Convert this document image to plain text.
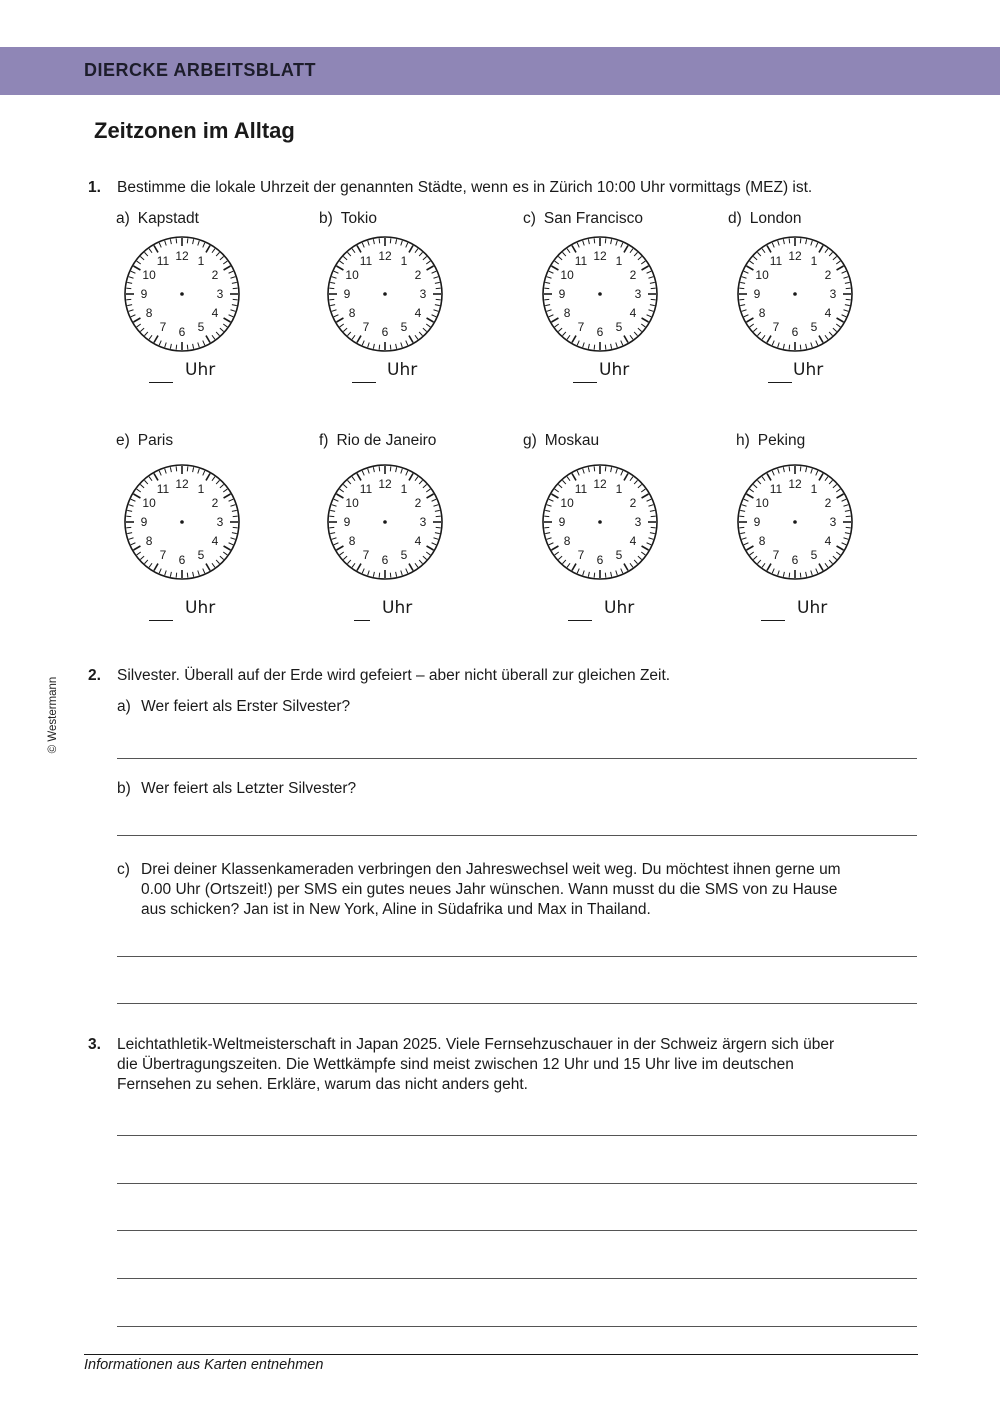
DIERCKE ARBEITSBLATT
Zeitzonen im Alltag
© Westermann
1. Bestimme die lokale Uhrzeit der genannten Städte, wenn es in Zürich 10:00 Uhr vormittags (MEZ) ist.
a) Kapstadt
1
2
3
4
5
6
7
8
9
10
11 12
Uhr
b) Tokio
1
2
3
4
5
6
7
8
9
10
11 12
Uhr
c) San Francisco
1
2
3
4
5
6
7
8
9
10
11 12
Uhr
d) London
1
2
3
4
5
6
7
8
9
10
11 12
Uhr
e) Paris
1
2
3
4
5
6
7
8
9
10
11 12
Uhr
f) Rio de Janeiro
1
2
3
4
5
6
7
8
9
10
11 12
Uhr
g) Moskau
1
2
3
4
5
6
7
8
9
10
11 12
Uhr
h) Peking
1
2
3
4
5
6
7
8
9
10
11 12
Uhr
2. Silvester. Überall auf der Erde wird gefeiert – aber nicht überall zur gleichen Zeit.
a) Wer feiert als Erster Silvester?
b) Wer feiert als Letzter Silvester?
c) Drei deiner Klassenkameraden verbringen den Jahreswechsel weit weg. Du möchtest ihnen gerne um
0.00 Uhr (Ortszeit!) per SMS ein gutes neues Jahr wünschen. Wann musst du die SMS von zu Hause
aus schicken? Jan ist in New York, Aline in Südafrika und Max in Thailand.
3. Leichtathletik-Weltmeisterschaft in Japan 2025. Viele Fernsehzuschauer in der Schweiz ärgern sich über
die Übertragungszeiten. Die Wettkämpfe sind meist zwischen 12 Uhr und 15 Uhr live im deutschen
Fernsehen zu sehen. Erkläre, warum das nicht anders geht.
Informationen aus Karten entnehmen
